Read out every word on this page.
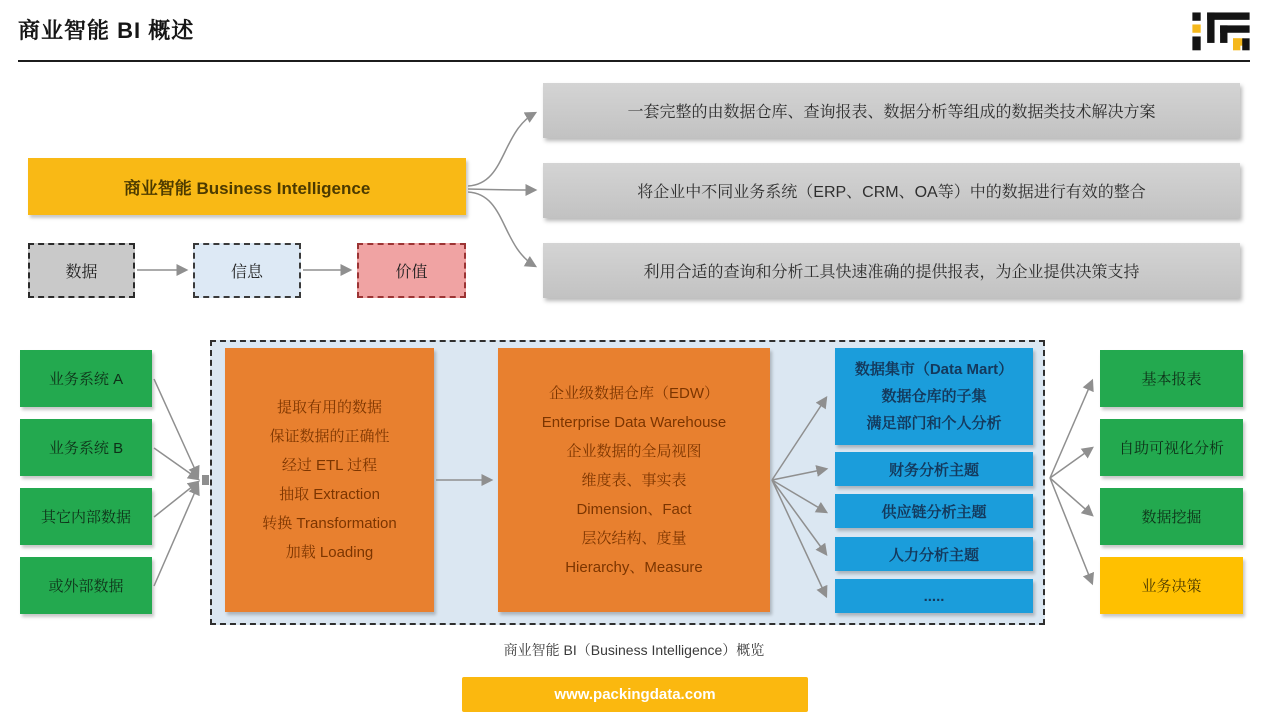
商业智能 BI 概述
商业智能 Business Intelligence
一套完整的由数据仓库、查询报表、数据分析等组成的数据类技术解决方案
将企业中不同业务系统（ERP、CRM、OA等）中的数据进行有效的整合
利用合适的查询和分析工具快速准确的提供报表，为企业提供决策支持
数据	信息	价值
业务系统 A
业务系统 B
其它内部数据
或外部数据
提取有用的数据
保证数据的正确性
经过 ETL 过程
抽取 Extraction
转换 Transformation
加载 Loading
企业级数据仓库（EDW）
Enterprise Data Warehouse
企业数据的全局视图
维度表、事实表
Dimension、Fact
层次结构、度量
Hierarchy、Measure
数据集市（Data Mart）
数据仓库的子集
满足部门和个人分析
财务分析主题
供应链分析主题
人力分析主题
.....
基本报表
自助可视化分析
数据挖掘
业务决策
商业智能 BI（Business Intelligence）概览
www.packingdata.com
